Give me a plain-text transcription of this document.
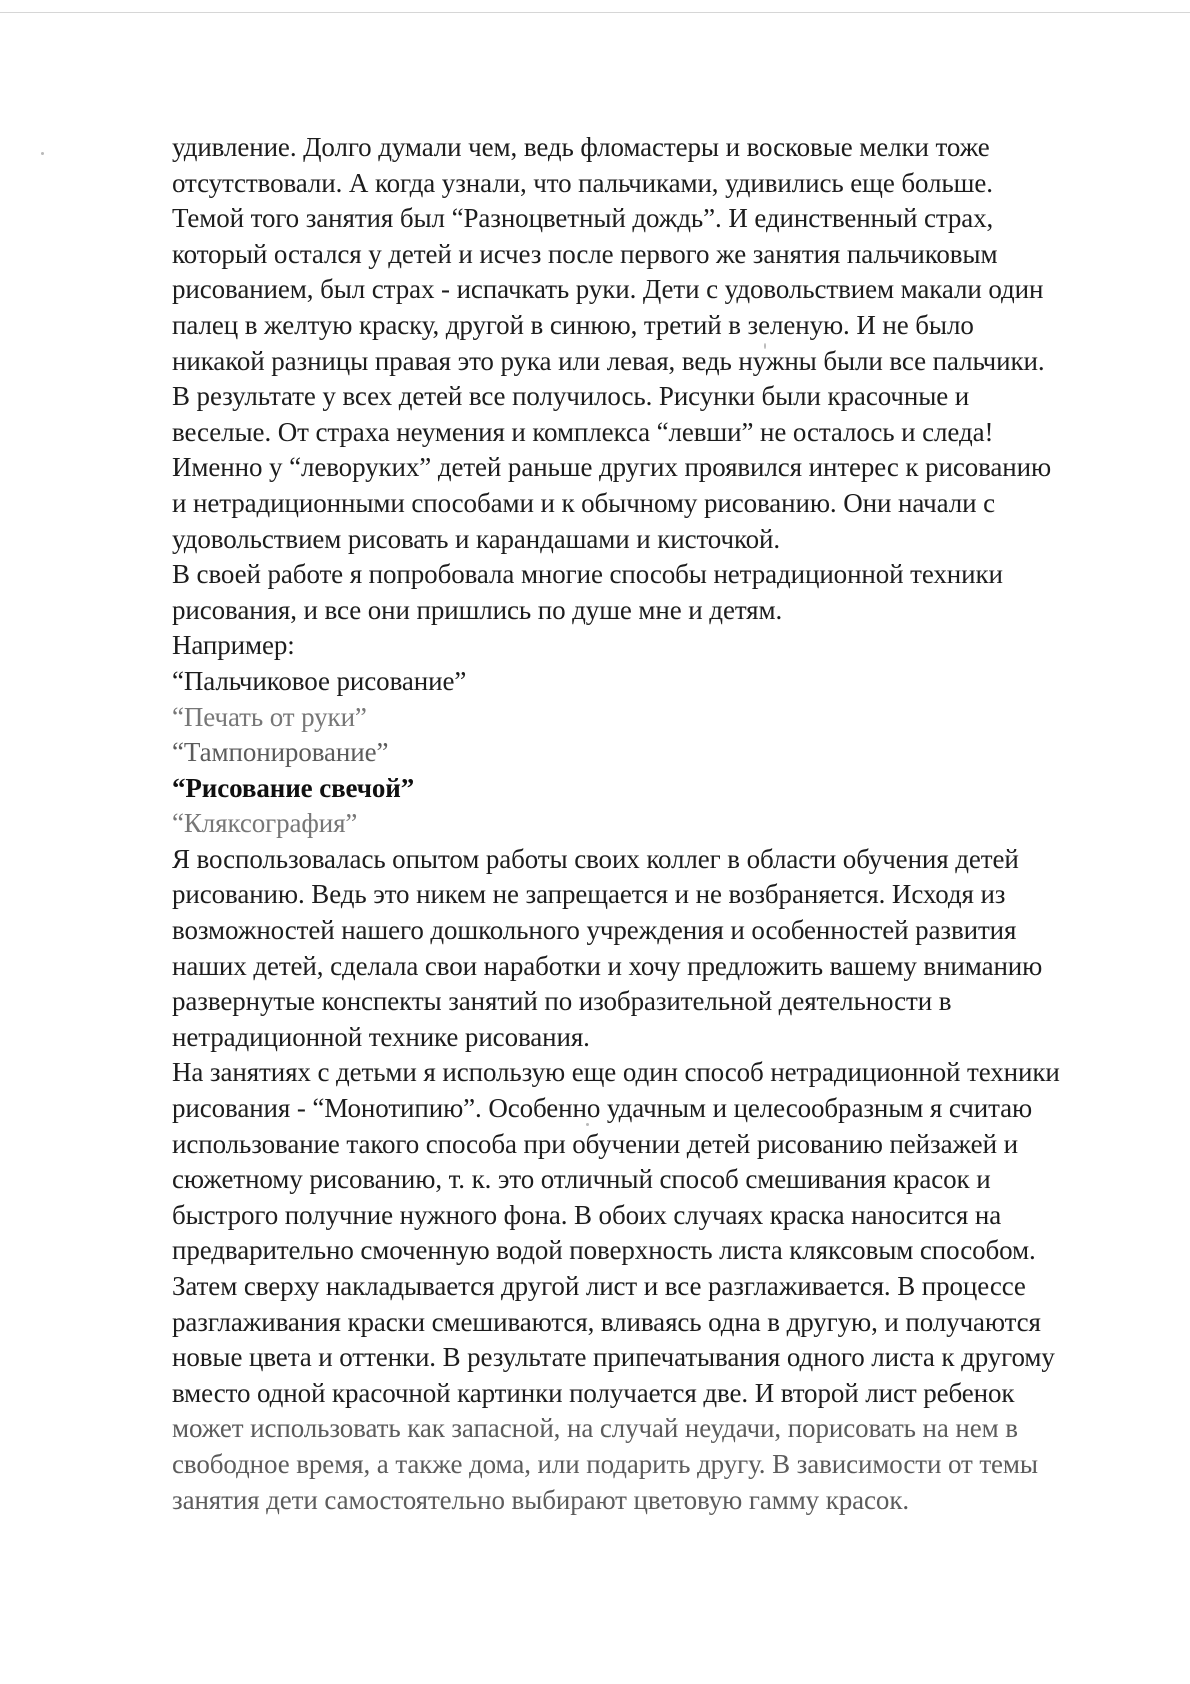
удивление. Долго думали чем, ведь фломастеры и восковые мелки тоже
отсутствовали. А когда узнали, что пальчиками, удивились еще больше.
Темой того занятия был “Разноцветный дождь”. И единственный страх,
который остался у детей и исчез после первого же занятия пальчиковым
рисованием, был страх - испачкать руки. Дети с удовольствием макали один
палец в желтую краску, другой в синюю, третий в зеленую. И не было
никакой разницы правая это рука или левая, ведь нужны были все пальчики.
В результате у всех детей все получилось. Рисунки были красочные и
веселые. От страха неумения и комплекса “левши” не осталось и следа!
Именно у “леворуких” детей раньше других проявился интерес к рисованию
и нетрадиционными способами и к обычному рисованию. Они начали с
удовольствием рисовать и карандашами и кисточкой.
В своей работе я попробовала многие способы нетрадиционной техники
рисования, и все они пришлись по душе мне и детям.
Например:
“Пальчиковое рисование”
“Печать от руки”
“Тампонирование”
“Рисование свечой”
“Кляксография”
Я воспользовалась опытом работы своих коллег в области обучения детей
рисованию. Ведь это никем не запрещается и не возбраняется. Исходя из
возможностей нашего дошкольного учреждения и особенностей развития
наших детей, сделала свои наработки и хочу предложить вашему вниманию
развернутые конспекты занятий по изобразительной деятельности в
нетрадиционной технике рисования.
На занятиях с детьми я использую еще один способ нетрадиционной техники
рисования - “Монотипию”. Особенно удачным и целесообразным я считаю
использование такого способа при обучении детей рисованию пейзажей и
сюжетному рисованию, т. к. это отличный способ смешивания красок и
быстрого получние нужного фона. В обоих случаях краска наносится на
предварительно смоченную водой поверхность листа кляксовым способом.
Затем сверху накладывается другой лист и все разглаживается. В процессе
разглаживания краски смешиваются, вливаясь одна в другую, и получаются
новые цвета и оттенки. В результате припечатывания одного листа к другому
вместо одной красочной картинки получается две. И второй лист ребенок
может использовать как запасной, на случай неудачи, порисовать на нем в
свободное время, а также дома, или подарить другу. В зависимости от темы
занятия дети самостоятельно выбирают цветовую гамму красок.
